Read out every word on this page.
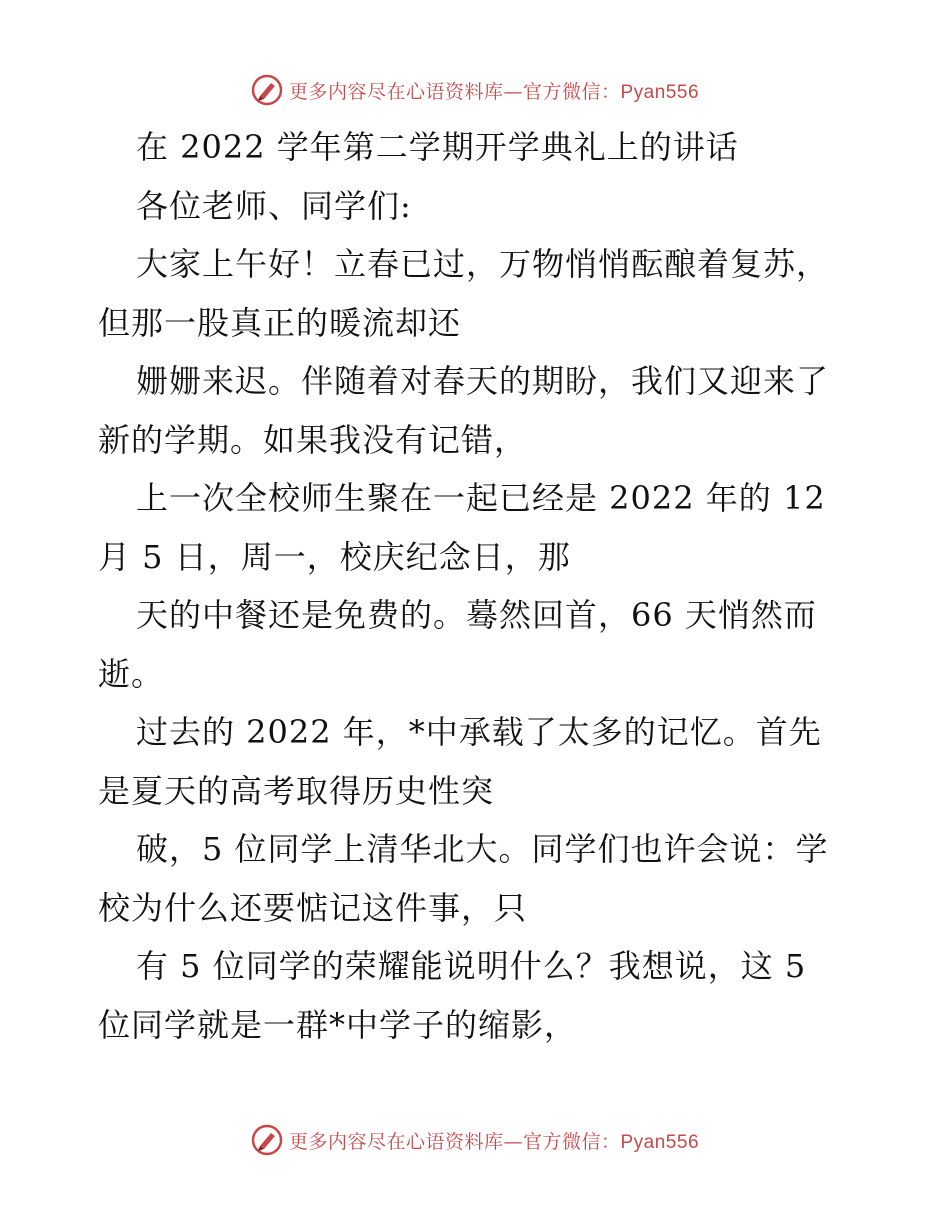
更多内容尽在心语资料库—官方微信：Pyan556
在 2022 学年第二学期开学典礼上的讲话
各位老师、同学们:
大家上午好！立春已过，万物悄悄酝酿着复苏，
但那一股真正的暖流却还
姗姗来迟。伴随着对春天的期盼，我们又迎来了
新的学期。如果我没有记错，
上一次全校师生聚在一起已经是 2022 年的 12
月 5 日，周一，校庆纪念日，那
天的中餐还是免费的。蓦然回首，66 天悄然而
逝。
过去的 2022 年，*中承载了太多的记忆。首先
是夏天的高考取得历史性突
破，5 位同学上清华北大。同学们也许会说：学
校为什么还要惦记这件事，只
有 5 位同学的荣耀能说明什么？我想说，这 5
位同学就是一群*中学子的缩影，
更多内容尽在心语资料库—官方微信：Pyan556
